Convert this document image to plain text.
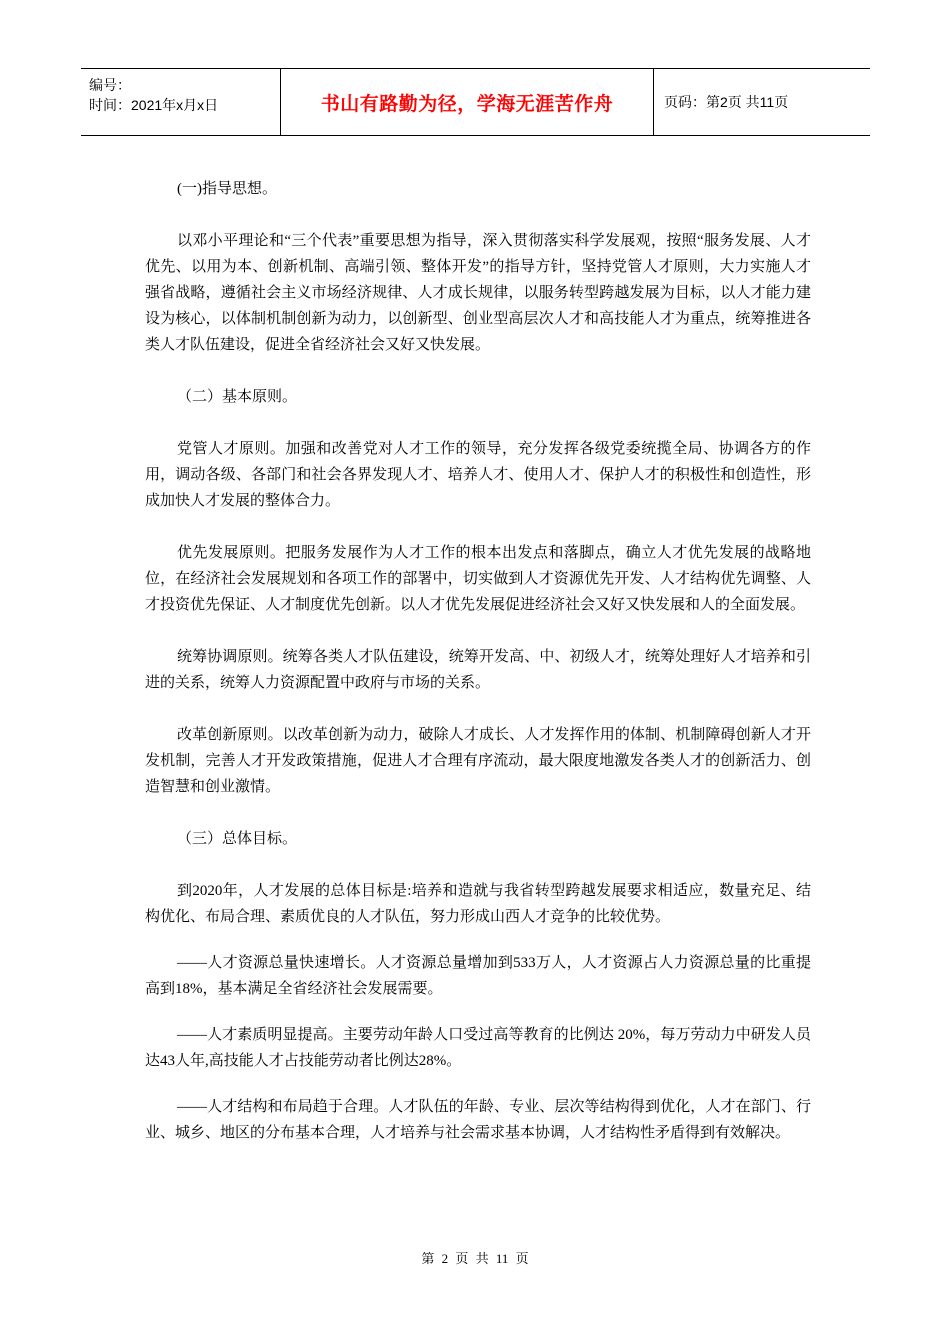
编号：
时间：2021年x月x日	书山有路勤为径，学海无涯苦作舟	页码：第2页 共11页

(一)指导思想。

以邓小平理论和“三个代表”重要思想为指导，深入贯彻落实科学发展观，按照“服务发展、人才优先、以用为本、创新机制、高端引领、整体开发”的指导方针，坚持党管人才原则，大力实施人才强省战略，遵循社会主义市场经济规律、人才成长规律，以服务转型跨越发展为目标，以人才能力建设为核心，以体制机制创新为动力，以创新型、创业型高层次人才和高技能人才为重点，统筹推进各类人才队伍建设，促进全省经济社会又好又快发展。

（二）基本原则。

党管人才原则。加强和改善党对人才工作的领导，充分发挥各级党委统揽全局、协调各方的作用，调动各级、各部门和社会各界发现人才、培养人才、使用人才、保护人才的积极性和创造性，形成加快人才发展的整体合力。

优先发展原则。把服务发展作为人才工作的根本出发点和落脚点，确立人才优先发展的战略地位，在经济社会发展规划和各项工作的部署中，切实做到人才资源优先开发、人才结构优先调整、人才投资优先保证、人才制度优先创新。以人才优先发展促进经济社会又好又快发展和人的全面发展。

统筹协调原则。统筹各类人才队伍建设，统筹开发高、中、初级人才，统筹处理好人才培养和引进的关系，统筹人力资源配置中政府与市场的关系。

改革创新原则。以改革创新为动力，破除人才成长、人才发挥作用的体制、机制障碍创新人才开发机制，完善人才开发政策措施，促进人才合理有序流动，最大限度地激发各类人才的创新活力、创造智慧和创业激情。

（三）总体目标。

到2020年，人才发展的总体目标是:培养和造就与我省转型跨越发展要求相适应，数量充足、结构优化、布局合理、素质优良的人才队伍，努力形成山西人才竞争的比较优势。

——人才资源总量快速增长。人才资源总量增加到533万人，人才资源占人力资源总量的比重提高到18%，基本满足全省经济社会发展需要。

——人才素质明显提高。主要劳动年龄人口受过高等教育的比例达 20%，每万劳动力中研发人员达43人年,高技能人才占技能劳动者比例达28%。

——人才结构和布局趋于合理。人才队伍的年龄、专业、层次等结构得到优化，人才在部门、行业、城乡、地区的分布基本合理，人才培养与社会需求基本协调，人才结构性矛盾得到有效解决。

第 2 页 共 11 页
